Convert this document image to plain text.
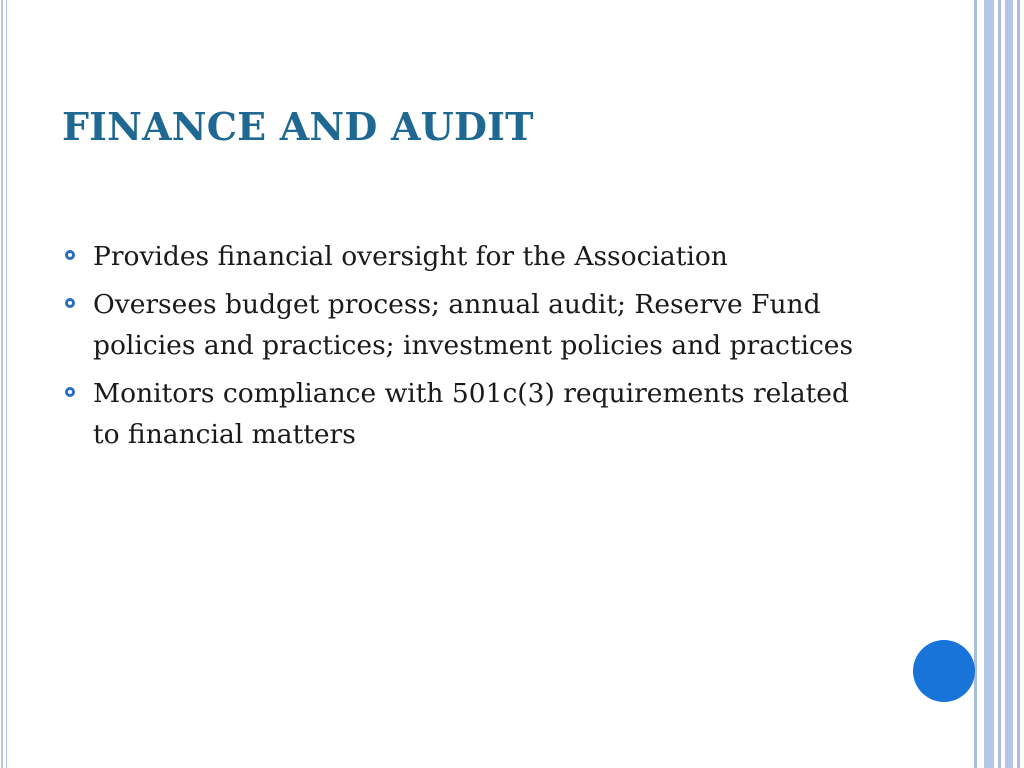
FINANCE AND AUDIT
Provides financial oversight for the Association
Oversees budget process; annual audit; Reserve Fund policies and practices; investment policies and practices
Monitors compliance with 501c(3) requirements related to financial matters
